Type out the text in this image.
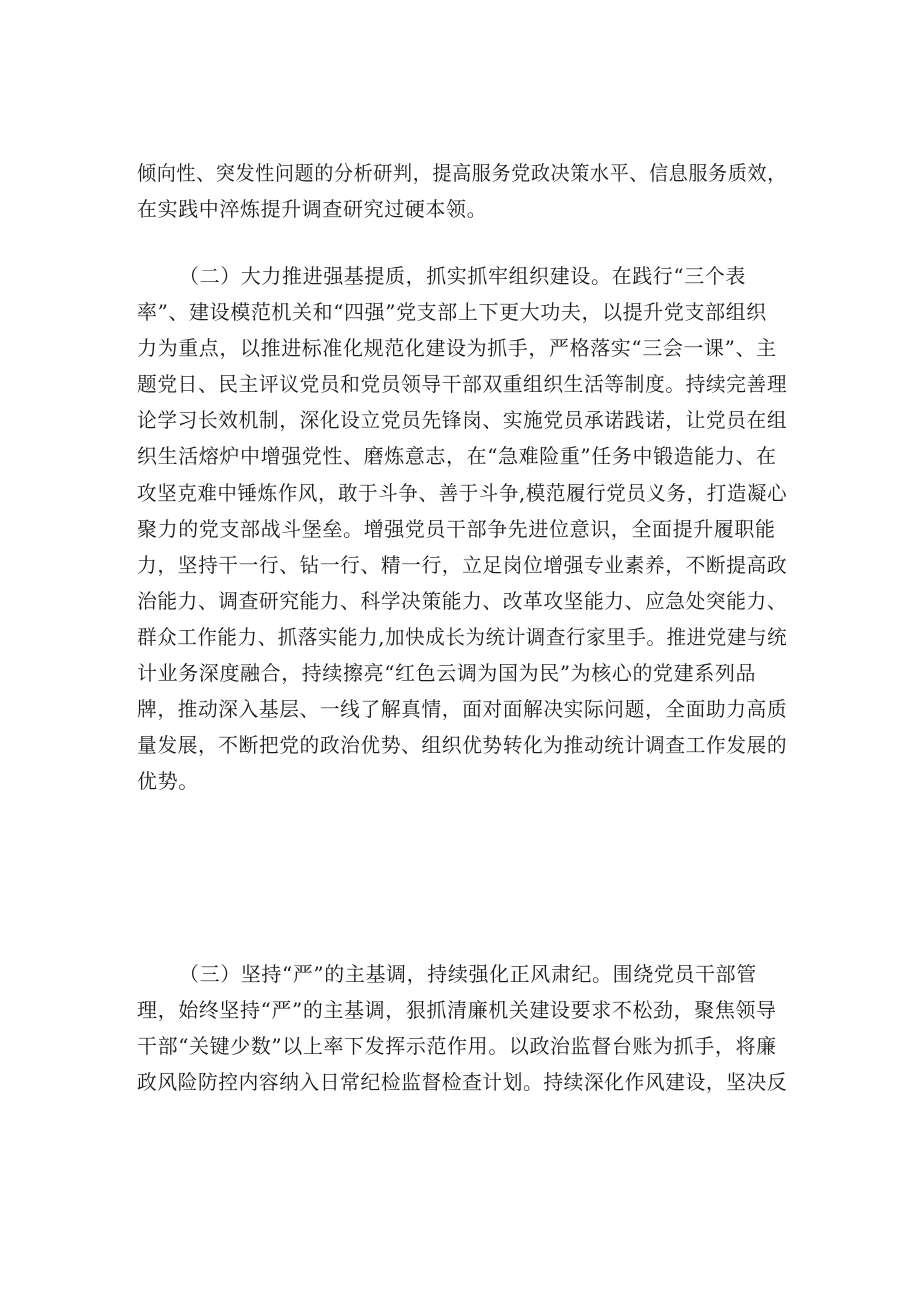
倾向性、突发性问题的分析研判，提高服务党政决策水平、信息服务质效，
在实践中淬炼提升调查研究过硬本领。
（二）大力推进强基提质，抓实抓牢组织建设。在践行“三个表
率”、建设模范机关和“四强”党支部上下更大功夫，以提升党支部组织
力为重点，以推进标准化规范化建设为抓手，严格落实“三会一课”、主
题党日、民主评议党员和党员领导干部双重组织生活等制度。持续完善理
论学习长效机制，深化设立党员先锋岗、实施党员承诺践诺，让党员在组
织生活熔炉中增强党性、磨炼意志，在“急难险重”任务中锻造能力、在
攻坚克难中锤炼作风，敢于斗争、善于斗争,模范履行党员义务，打造凝心
聚力的党支部战斗堡垒。增强党员干部争先进位意识，全面提升履职能
力，坚持干一行、钻一行、精一行，立足岗位增强专业素养，不断提高政
治能力、调查研究能力、科学决策能力、改革攻坚能力、应急处突能力、
群众工作能力、抓落实能力,加快成长为统计调查行家里手。推进党建与统
计业务深度融合，持续擦亮“红色云调为国为民”为核心的党建系列品
牌，推动深入基层、一线了解真情，面对面解决实际问题，全面助力高质
量发展，不断把党的政治优势、组织优势转化为推动统计调查工作发展的
优势。
（三）坚持“严”的主基调，持续强化正风肃纪。围绕党员干部管
理，始终坚持“严”的主基调，狠抓清廉机关建设要求不松劲，聚焦领导
干部“关键少数”以上率下发挥示范作用。以政治监督台账为抓手，将廉
政风险防控内容纳入日常纪检监督检查计划。持续深化作风建设，坚决反
